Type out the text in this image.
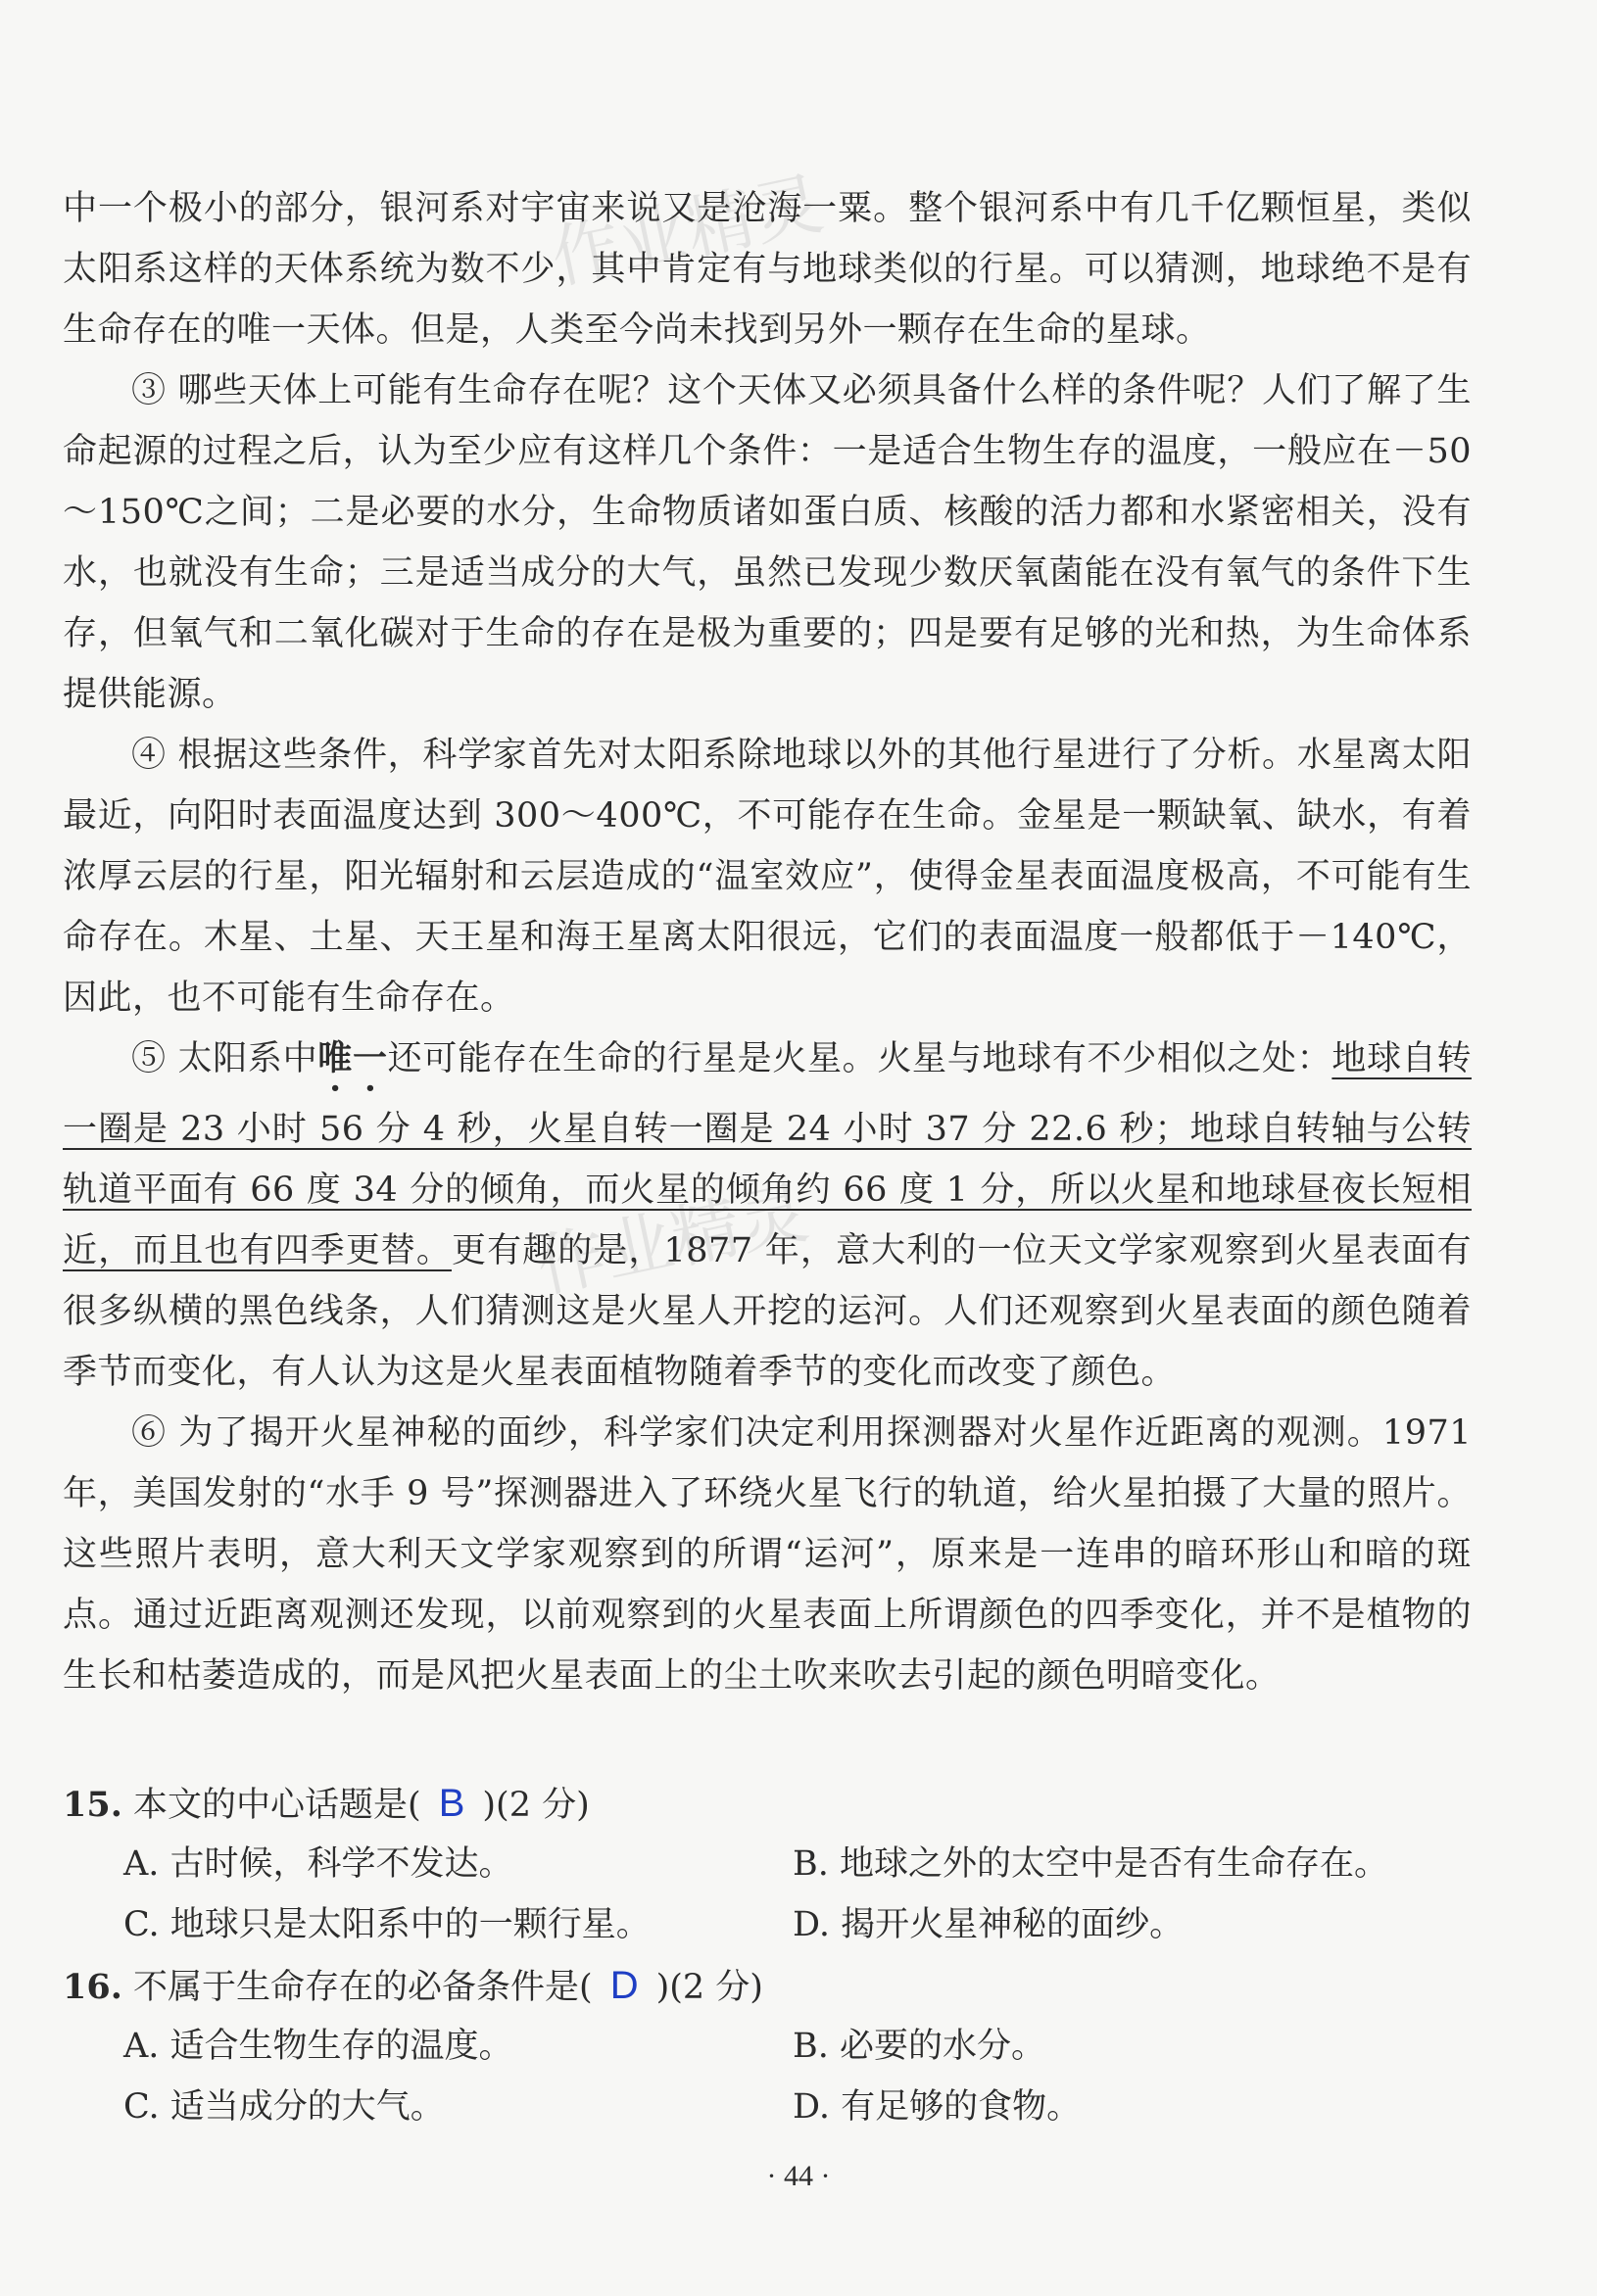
作业精灵
作业精灵

中一个极小的部分，银河系对宇宙来说又是沧海一粟。整个银河系中有几千亿颗恒星，类似太阳系这样的天体系统为数不少，其中肯定有与地球类似的行星。可以猜测，地球绝不是有生命存在的唯一天体。但是，人类至今尚未找到另外一颗存在生命的星球。

③ 哪些天体上可能有生命存在呢？这个天体又必须具备什么样的条件呢？人们了解了生命起源的过程之后，认为至少应有这样几个条件：一是适合生物生存的温度，一般应在－50～150℃之间；二是必要的水分，生命物质诸如蛋白质、核酸的活力都和水紧密相关，没有水，也就没有生命；三是适当成分的大气，虽然已发现少数厌氧菌能在没有氧气的条件下生存，但氧气和二氧化碳对于生命的存在是极为重要的；四是要有足够的光和热，为生命体系提供能源。

④ 根据这些条件，科学家首先对太阳系除地球以外的其他行星进行了分析。水星离太阳最近，向阳时表面温度达到 300～400℃，不可能存在生命。金星是一颗缺氧、缺水，有着浓厚云层的行星，阳光辐射和云层造成的“温室效应”，使得金星表面温度极高，不可能有生命存在。木星、土星、天王星和海王星离太阳很远，它们的表面温度一般都低于－140℃，因此，也不可能有生命存在。

⑤ 太阳系中唯一还可能存在生命的行星是火星。火星与地球有不少相似之处：地球自转一圈是 23 小时 56 分 4 秒，火星自转一圈是 24 小时 37 分 22.6 秒；地球自转轴与公转轨道平面有 66 度 34 分的倾角，而火星的倾角约 66 度 1 分，所以火星和地球昼夜长短相近，而且也有四季更替。更有趣的是，1877 年，意大利的一位天文学家观察到火星表面有很多纵横的黑色线条，人们猜测这是火星人开挖的运河。人们还观察到火星表面的颜色随着季节而变化，有人认为这是火星表面植物随着季节的变化而改变了颜色。

⑥ 为了揭开火星神秘的面纱，科学家们决定利用探测器对火星作近距离的观测。1971 年，美国发射的“水手 9 号”探测器进入了环绕火星飞行的轨道，给火星拍摄了大量的照片。这些照片表明，意大利天文学家观察到的所谓“运河”，原来是一连串的暗环形山和暗的斑点。通过近距离观测还发现，以前观察到的火星表面上所谓颜色的四季变化，并不是植物的生长和枯萎造成的，而是风把火星表面上的尘土吹来吹去引起的颜色明暗变化。

15. 本文的中心话题是( B )(2 分)
A. 古时候，科学不发达。	B. 地球之外的太空中是否有生命存在。
C. 地球只是太阳系中的一颗行星。	D. 揭开火星神秘的面纱。
16. 不属于生命存在的必备条件是( D )(2 分)
A. 适合生物生存的温度。	B. 必要的水分。
C. 适当成分的大气。	D. 有足够的食物。
· 44 ·
